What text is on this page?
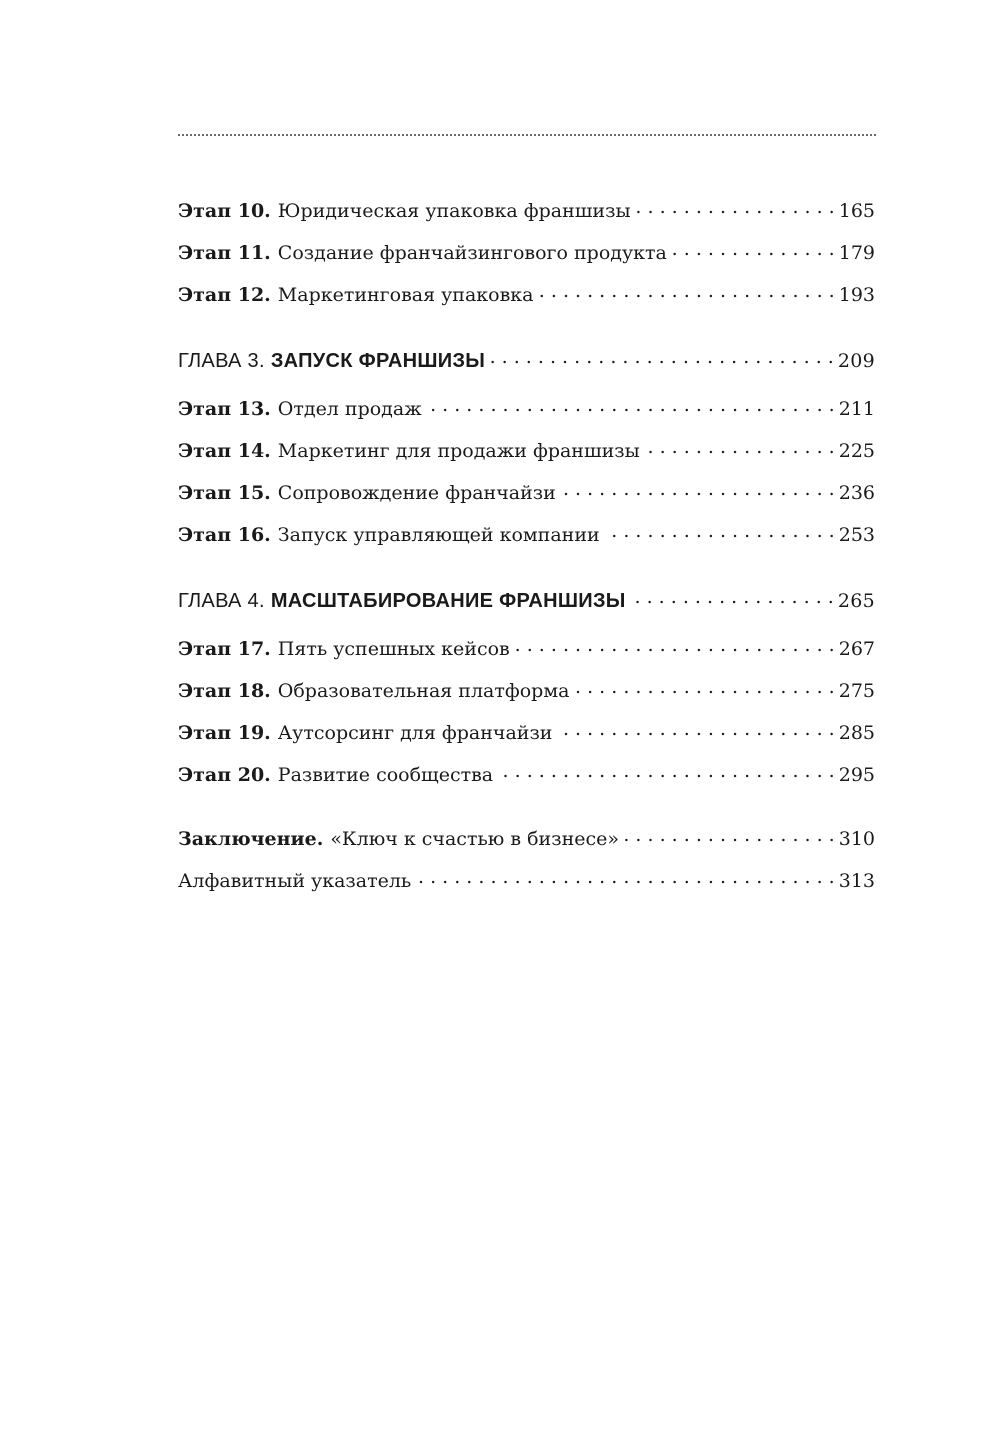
Этап 10. Юридическая упаковка франшизы . . .	165
Этап 11. Создание франчайзингового продукта . . .	179
Этап 12. Маркетинговая упаковка . . .	193
ГЛАВА 3. ЗАПУСК ФРАНШИЗЫ . . .	209
Этап 13. Отдел продаж . . .	211
Этап 14. Маркетинг для продажи франшизы . . .	225
Этап 15. Сопровождение франчайзи . . .	236
Этап 16. Запуск управляющей компании . . .	253
ГЛАВА 4. МАСШТАБИРОВАНИЕ ФРАНШИЗЫ . . .	265
Этап 17. Пять успешных кейсов . . .	267
Этап 18. Образовательная платформа . . .	275
Этап 19. Аутсорсинг для франчайзи . . .	285
Этап 20. Развитие сообщества . . .	295
Заключение. «Ключ к счастью в бизнесе» . . .	310
Алфавитный указатель . . .	313
